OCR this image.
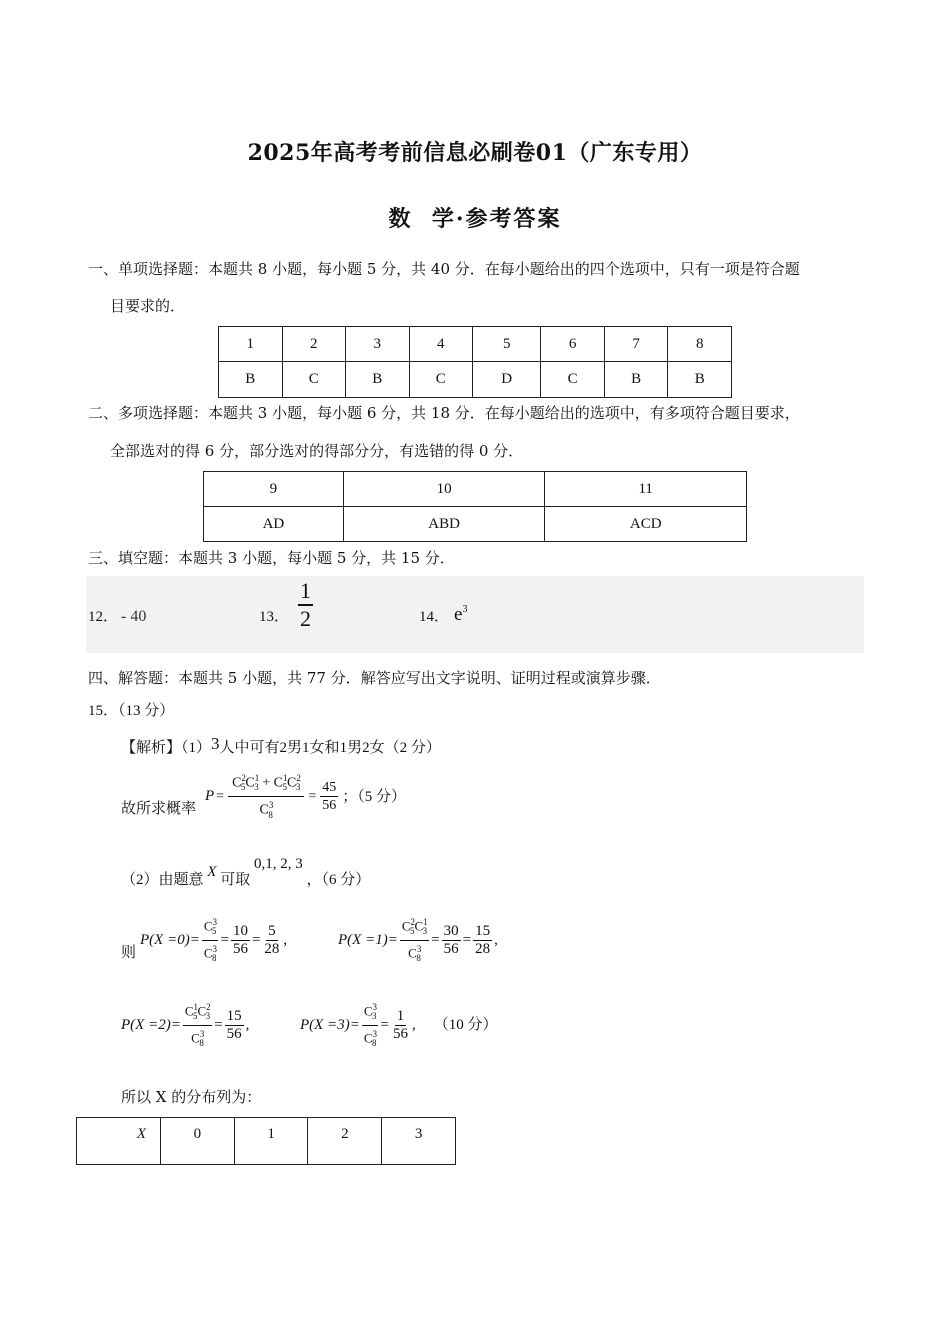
2025年高考考前信息必刷卷01（广东专用）
数  学·参考答案
一、单项选择题：本题共 8 小题，每小题 5 分，共 40 分．在每小题给出的四个选项中，只有一项是符合题
目要求的．
1	2	3	4	5	6	7	8
B	C	B	C	D	C	B	B
二、多项选择题：本题共 3 小题，每小题 6 分，共 18 分．在每小题给出的选项中，有多项符合题目要求，
全部选对的得 6 分，部分选对的得部分分，有选错的得 0 分．
9	10	11
AD	ABD	ACD
三、填空题：本题共 3 小题，每小题 5 分，共 15 分．
12． - 40	13． $\frac{1}{2}$	14． $e^3$
四、解答题：本题共 5 小题，共 77 分．解答应写出文字说明、证明过程或演算步骤．
15．（13 分）
【解析】（1）3人中可有2男1女和1男2女（2 分）
故所求概率
$P = \frac{C^2_5C^1_3 + C^1_5C^2_3}{C^3_8} = \frac{45}{56}$ ；（5 分）
（2）由题意 X 可取 0,1, 2, 3 ，（6 分）
则
$P(X =0)= \frac{C^3_5}{C^3_8} = \frac{10}{56} = \frac{5}{28}$ ,	$P(X =1)= \frac{C^2_5C^1_3}{C^3_8} = \frac{30}{56} = \frac{15}{28}$ ,
$P(X =2)= \frac{C^1_5C^2_3}{C^3_8} = \frac{15}{56}$ ,	$P(X =3)= \frac{C^3_3}{C^3_8} = \frac{1}{56}$ , （10 分）
所以 X 的分布列为：
X	0	1	2	3
